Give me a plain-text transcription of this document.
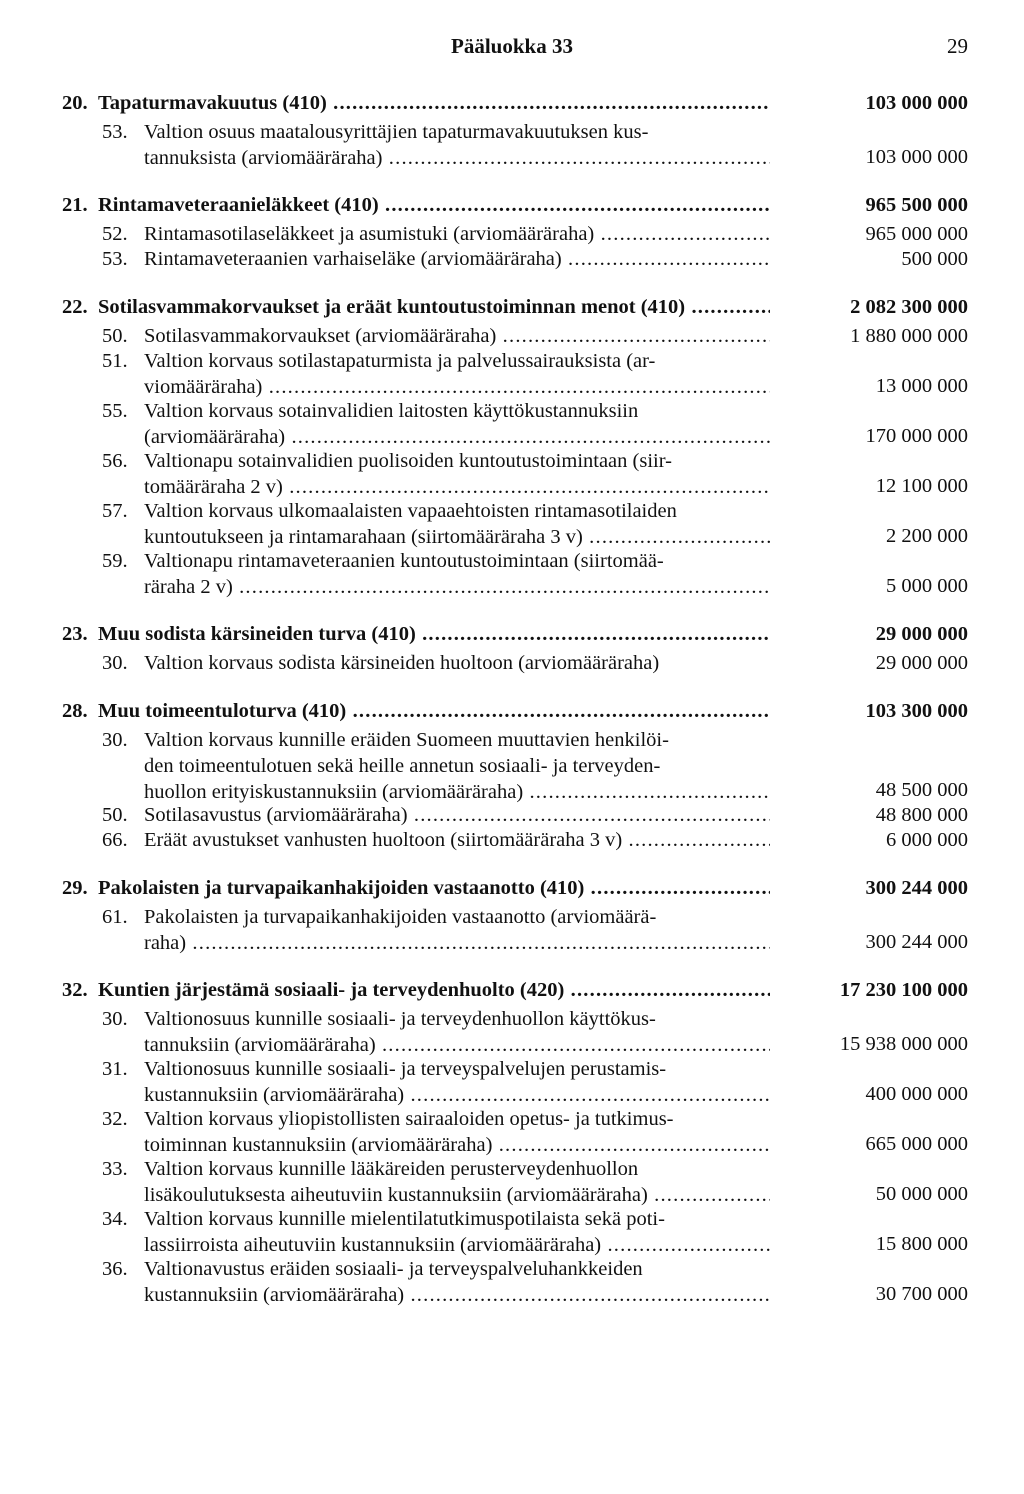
Pääluokka 33	29
20. Tapaturmavakuutus (410) .....	103 000 000
53. Valtion osuus maatalousyrittäjien tapaturmavakuutuksen kus-
tannuksista (arviomääräraha) .....	103 000 000
21. Rintamaveteraanieläkkeet (410) .....	965 500 000
52. Rintamasotilaseläkkeet ja asumistuki (arviomääräraha) .....	965 000 000
53. Rintamaveteraanien varhaiseläke (arviomääräraha) .....	500 000
22. Sotilasvammakorvaukset ja eräät kuntoutustoiminnan menot (410) .....	2 082 300 000
50. Sotilasvammakorvaukset (arviomääräraha) .....	1 880 000 000
51. Valtion korvaus sotilastapaturmista ja palvelussairauksista (ar-
viomääräraha) .....	13 000 000
55. Valtion korvaus sotainvalidien laitosten käyttökustannuksiin
(arviomääräraha) .....	170 000 000
56. Valtionapu sotainvalidien puolisoiden kuntoutustoimintaan (siir-
tomääräraha 2 v) .....	12 100 000
57. Valtion korvaus ulkomaalaisten vapaaehtoisten rintamasotilaiden
kuntoutukseen ja rintamarahaan (siirtomääräraha 3 v) .....	2 200 000
59. Valtionapu rintamaveteraanien kuntoutustoimintaan (siirtomää-
räraha 2 v) .....	5 000 000
23. Muu sodista kärsineiden turva (410) .....	29 000 000
30. Valtion korvaus sodista kärsineiden huoltoon (arviomääräraha)	29 000 000
28. Muu toimeentuloturva (410) .....	103 300 000
30. Valtion korvaus kunnille eräiden Suomeen muuttavien henkilöi-
den toimeentulotuen sekä heille annetun sosiaali- ja terveyden-
huollon erityiskustannuksiin (arviomääräraha) .....	48 500 000
50. Sotilasavustus (arviomääräraha) .....	48 800 000
66. Eräät avustukset vanhusten huoltoon (siirtomääräraha 3 v) .....	6 000 000
29. Pakolaisten ja turvapaikanhakijoiden vastaanotto (410) .....	300 244 000
61. Pakolaisten ja turvapaikanhakijoiden vastaanotto (arviomäärä-
raha) .....	300 244 000
32. Kuntien järjestämä sosiaali- ja terveydenhuolto (420) .....	17 230 100 000
30. Valtionosuus kunnille sosiaali- ja terveydenhuollon käyttökus-
tannuksiin (arviomääräraha) .....	15 938 000 000
31. Valtionosuus kunnille sosiaali- ja terveyspalvelujen perustamis-
kustannuksiin (arviomääräraha) .....	400 000 000
32. Valtion korvaus yliopistollisten sairaaloiden opetus- ja tutkimus-
toiminnan kustannuksiin (arviomääräraha) .....	665 000 000
33. Valtion korvaus kunnille lääkäreiden perusterveydenhuollon
lisäkoulutuksesta aiheutuviin kustannuksiin (arviomääräraha) .....	50 000 000
34. Valtion korvaus kunnille mielentilatutkimuspotilaista sekä poti-
lassiirroista aiheutuviin kustannuksiin (arviomääräraha) .....	15 800 000
36. Valtionavustus eräiden sosiaali- ja terveyspalveluhankkeiden
kustannuksiin (arviomääräraha) .....	30 700 000
